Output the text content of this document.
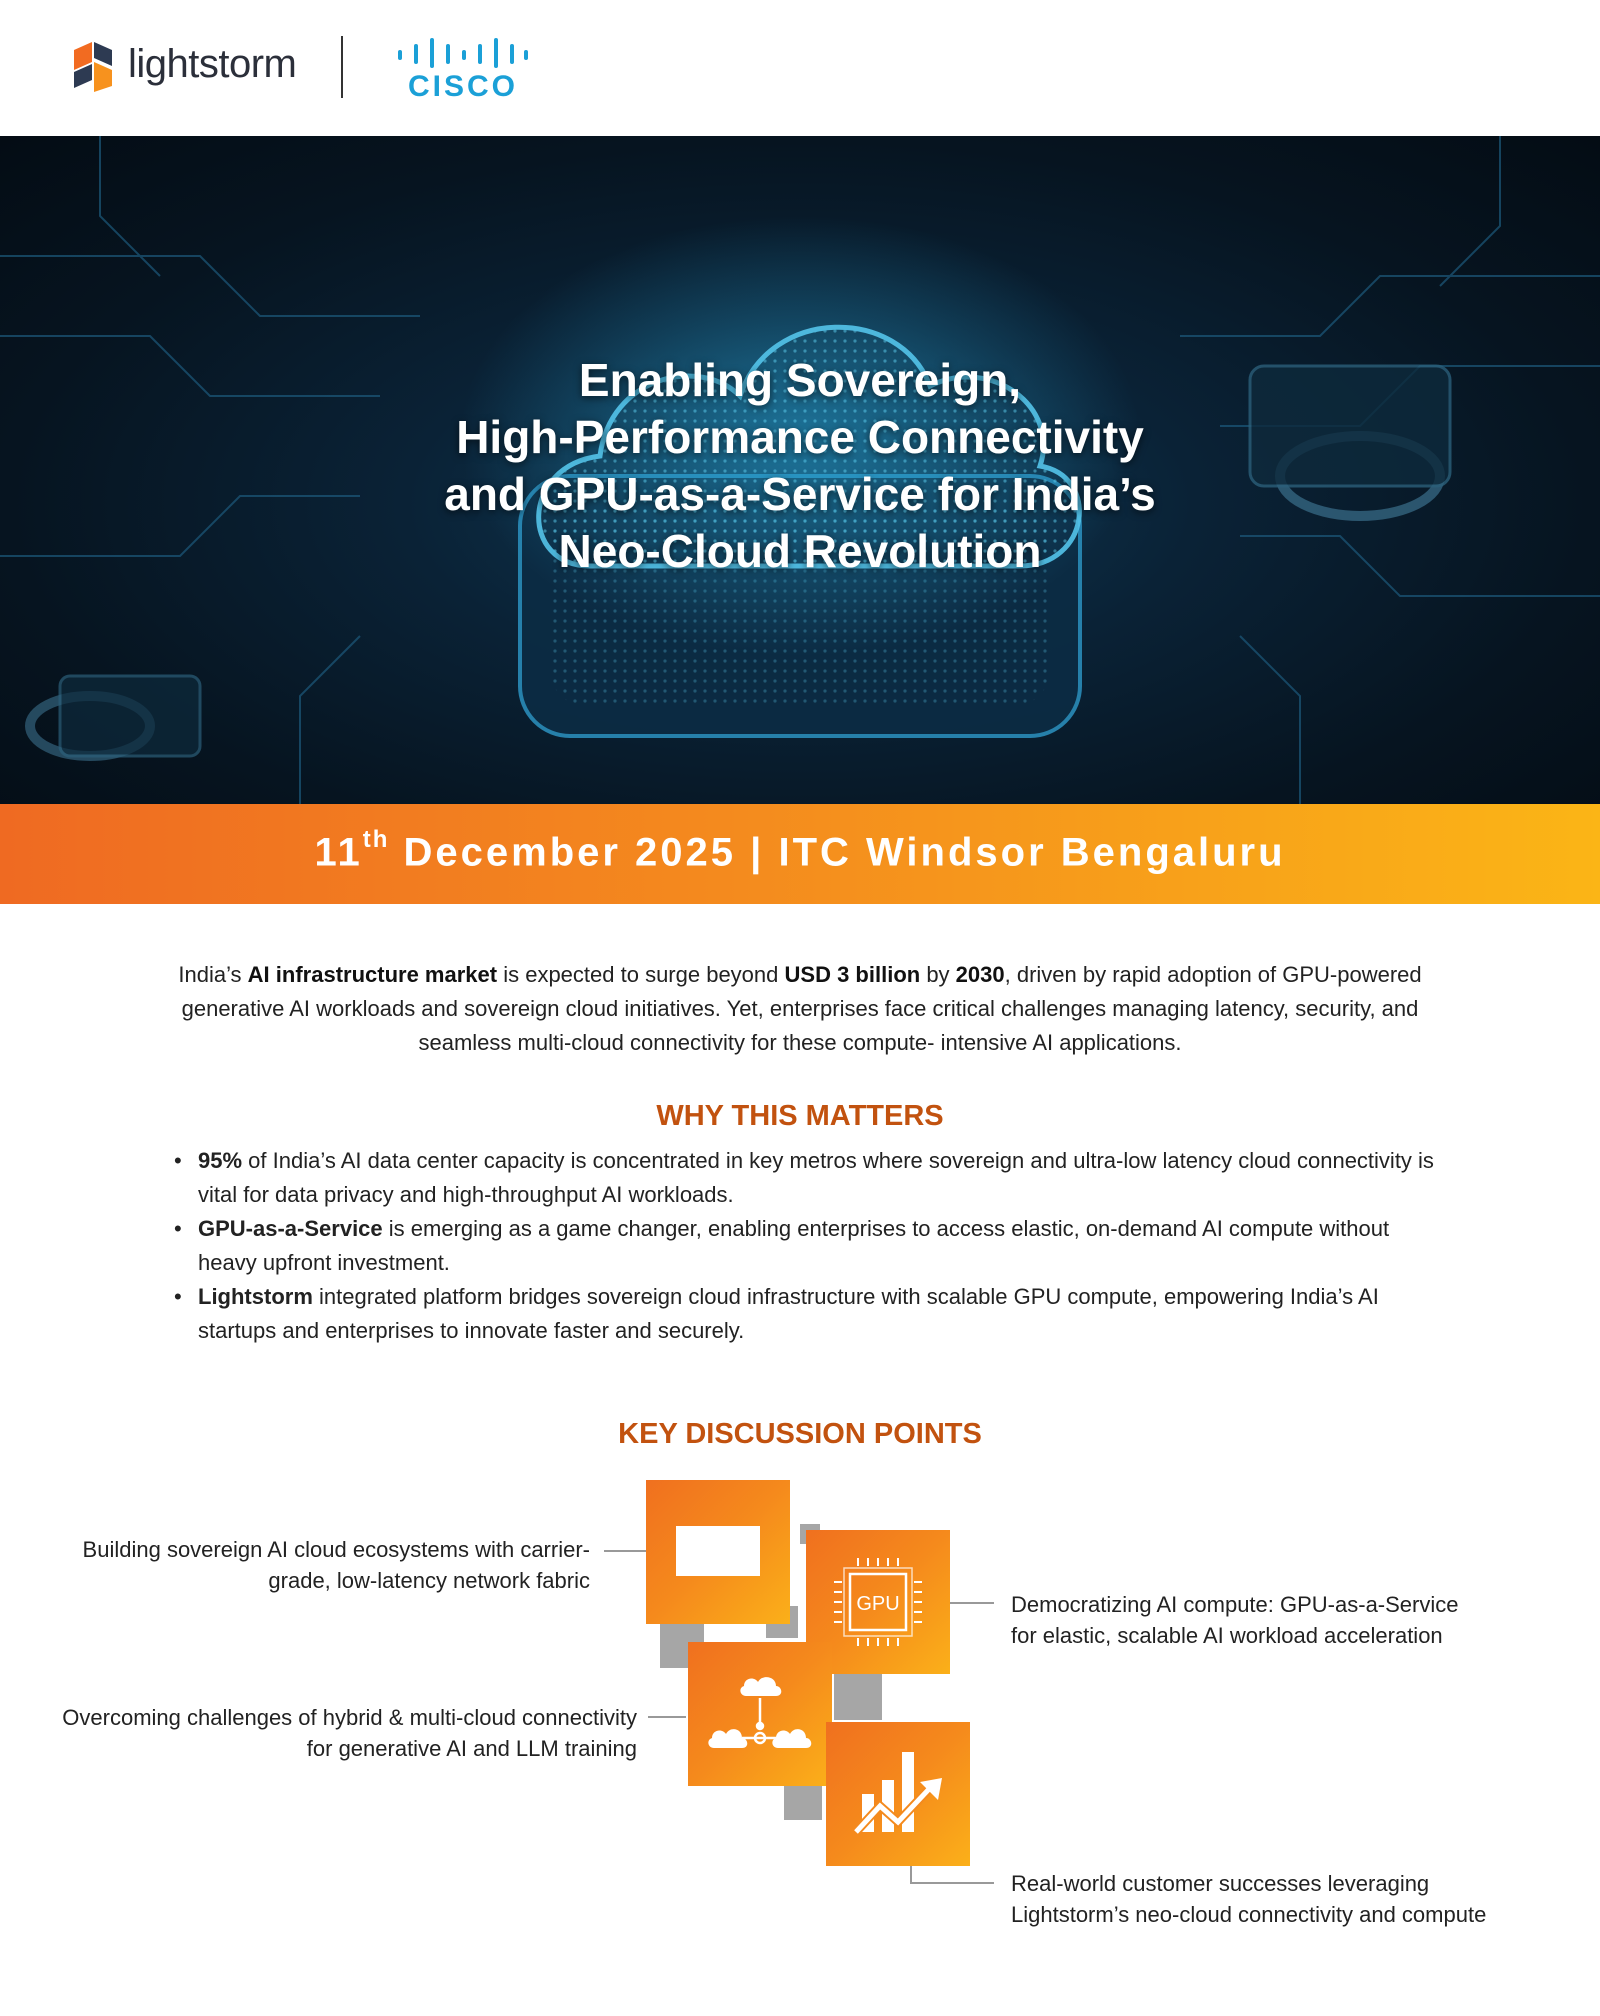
lightstorm
CISCO
Enabling Sovereign,
High-Performance Connectivity
and GPU-as-a-Service for India’s
Neo-Cloud Revolution
11th December 2025 | ITC Windsor Bengaluru

India’s AI infrastructure market is expected to surge beyond USD 3 billion by 2030, driven by rapid adoption of GPU-powered generative AI workloads and sovereign cloud initiatives. Yet, enterprises face critical challenges managing latency, security, and seamless multi-cloud connectivity for these compute- intensive AI applications.

WHY THIS MATTERS
• 95% of India’s AI data center capacity is concentrated in key metros where sovereign and ultra-low latency cloud connectivity is vital for data privacy and high-throughput AI workloads.
• GPU-as-a-Service is emerging as a game changer, enabling enterprises to access elastic, on-demand AI compute without heavy upfront investment.
• Lightstorm integrated platform bridges sovereign cloud infrastructure with scalable GPU compute, empowering India’s AI startups and enterprises to innovate faster and securely.
KEY DISCUSSION POINTS
Building sovereign AI cloud ecosystems with carrier-grade, low-latency network fabric
Overcoming challenges of hybrid & multi-cloud connectivity for generative AI and LLM training
Democratizing AI compute: GPU-as-a-Service for elastic, scalable AI workload acceleration
Real-world customer successes leveraging Lightstorm’s neo-cloud connectivity and compute
GPU
